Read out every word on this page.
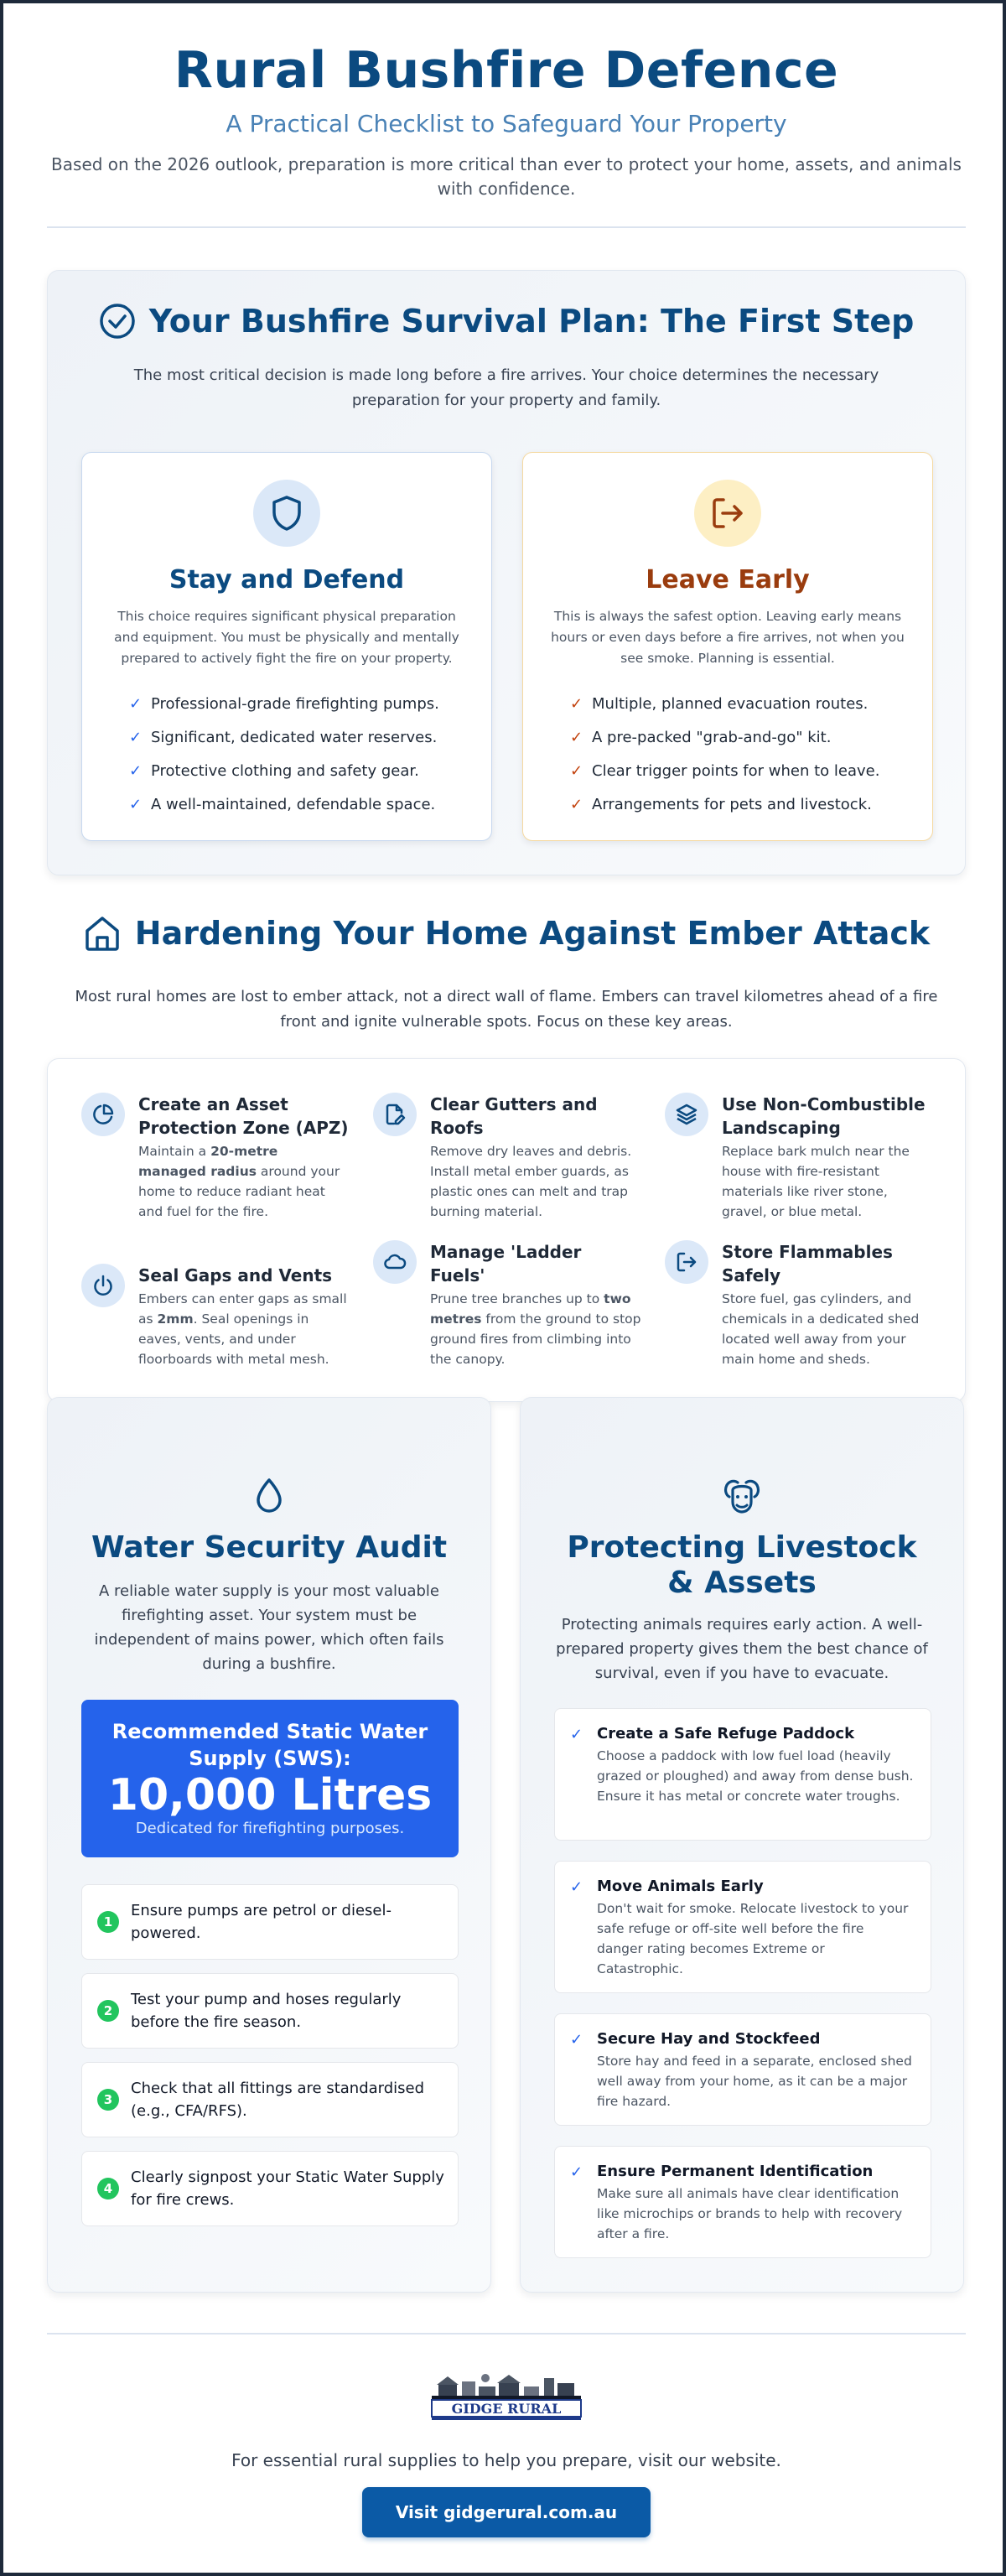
Rural Bushfire Defence
A Practical Checklist to Safeguard Your Property

Based on the 2026 outlook, preparation is more critical than ever to protect your home, assets, and animals with confidence.

Your Bushfire Survival Plan: The First Step

The most critical decision is made long before a fire arrives. Your choice determines the necessary preparation for your property and family.

Stay and Defend

This choice requires significant physical preparation and equipment. You must be physically and mentally prepared to actively fight the fire on your property.

✓ Professional-grade firefighting pumps.
✓ Significant, dedicated water reserves.
✓ Protective clothing and safety gear.
✓ A well-maintained, defendable space.
Leave Early

This is always the safest option. Leaving early means hours or even days before a fire arrives, not when you see smoke. Planning is essential.

✓ Multiple, planned evacuation routes.
✓ A pre-packed "grab-and-go" kit.
✓ Clear trigger points for when to leave.
✓ Arrangements for pets and livestock.
Hardening Your Home Against Ember Attack

Most rural homes are lost to ember attack, not a direct wall of flame. Embers can travel kilometres ahead of a fire front and ignite vulnerable spots. Focus on these key areas.

Create an Asset Protection Zone (APZ)

Maintain a 20-metre managed radius around your home to reduce radiant heat and fuel for the fire.

Clear Gutters and Roofs

Remove dry leaves and debris. Install metal ember guards, as plastic ones can melt and trap burning material.

Use Non-Combustible Landscaping

Replace bark mulch near the house with fire-resistant materials like river stone, gravel, or blue metal.

Seal Gaps and Vents

Embers can enter gaps as small as 2mm. Seal openings in eaves, vents, and under floorboards with metal mesh.

Manage 'Ladder Fuels'

Prune tree branches up to two metres from the ground to stop ground fires from climbing into the canopy.

Store Flammables Safely

Store fuel, gas cylinders, and chemicals in a dedicated shed located well away from your main home and sheds.

Water Security Audit

A reliable water supply is your most valuable firefighting asset. Your system must be independent of mains power, which often fails during a bushfire.

Recommended Static Water Supply (SWS):
10,000 Litres
Dedicated for firefighting purposes.
1
Ensure pumps are petrol or diesel-powered.
2
Test your pump and hoses regularly before the fire season.
3
Check that all fittings are standardised (e.g., CFA/RFS).
4
Clearly signpost your Static Water Supply for fire crews.
Protecting Livestock & Assets

Protecting animals requires early action. A well-prepared property gives them the best chance of survival, even if you have to evacuate.

✓ Create a Safe Refuge Paddock

Choose a paddock with low fuel load (heavily grazed or ploughed) and away from dense bush. Ensure it has metal or concrete water troughs.

✓ Move Animals Early

Don't wait for smoke. Relocate livestock to your safe refuge or off-site well before the fire danger rating becomes Extreme or Catastrophic.

✓ Secure Hay and Stockfeed

Store hay and feed in a separate, enclosed shed well away from your home, as it can be a major fire hazard.

✓ Ensure Permanent Identification

Make sure all animals have clear identification like microchips or brands to help with recovery after a fire.

GIDGE RURAL

For essential rural supplies to help you prepare, visit our website.

Visit gidgerural.com.au
